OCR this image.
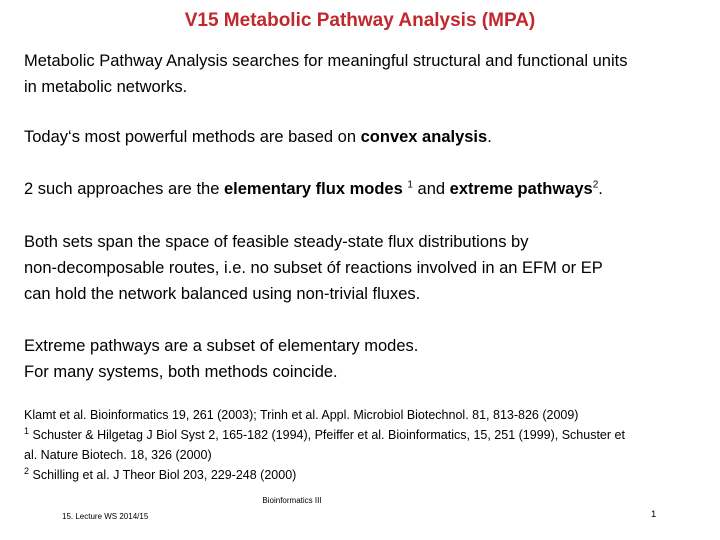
V15 Metabolic Pathway Analysis (MPA)
Metabolic Pathway Analysis searches for meaningful structural and functional units
in metabolic networks.
Today‘s most powerful methods are based on convex analysis.
2 such approaches are the elementary flux modes $^1$ and extreme pathways$^2$.
Both sets span the space of feasible steady-state flux distributions by
non-decomposable routes, i.e. no subset óf reactions involved in an EFM or EP
can hold the network balanced using non-trivial fluxes.
Extreme pathways are a subset of elementary modes.
For many systems, both methods coincide.
Klamt et al. Bioinformatics 19, 261 (2003); Trinh et al. Appl. Microbiol Biotechnol. 81, 813-826 (2009)
$^1$ Schuster & Hilgetag J Biol Syst 2, 165-182 (1994), Pfeiffer et al. Bioinformatics, 15, 251 (1999), Schuster et
al. Nature Biotech. 18, 326 (2000)
$^2$ Schilling et al. J Theor Biol 203, 229-248 (2000)
Bioinformatics III
15. Lecture WS 2014/15	1
